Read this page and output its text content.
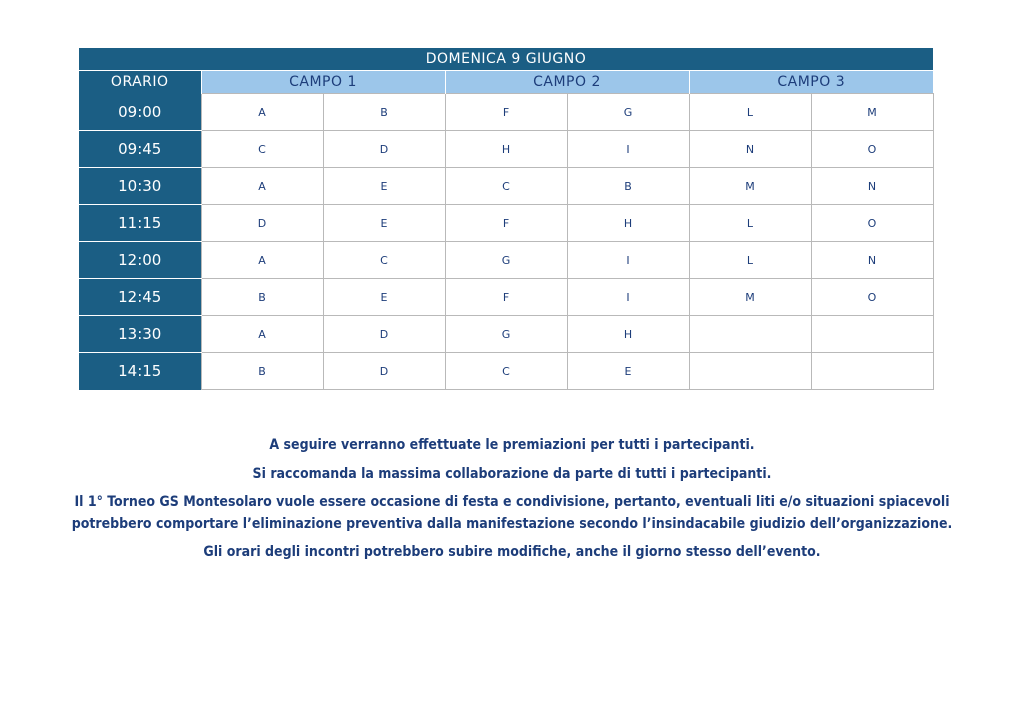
DOMENICA 9 GIUGNO						
ORARIO	CAMPO 1		CAMPO 2		CAMPO 3	
09:00	A	B	F	G	L	M
09:45	C	D	H	I	N	O
10:30	A	E	C	B	M	N
11:15	D	E	F	H	L	O
12:00	A	C	G	I	L	N
12:45	B	E	F	I	M	O
13:30	A	D	G	H		
14:15	B	D	C	E		

A seguire verranno effettuate le premiazioni per tutti i partecipanti.

Si raccomanda la massima collaborazione da parte di tutti i partecipanti.

Il 1° Torneo GS Montesolaro vuole essere occasione di festa e condivisione, pertanto, eventuali liti e/o situazioni spiacevoli

potrebbero comportare l’eliminazione preventiva dalla manifestazione secondo l’insindacabile giudizio dell’organizzazione.

Gli orari degli incontri potrebbero subire modifiche, anche il giorno stesso dell’evento.
